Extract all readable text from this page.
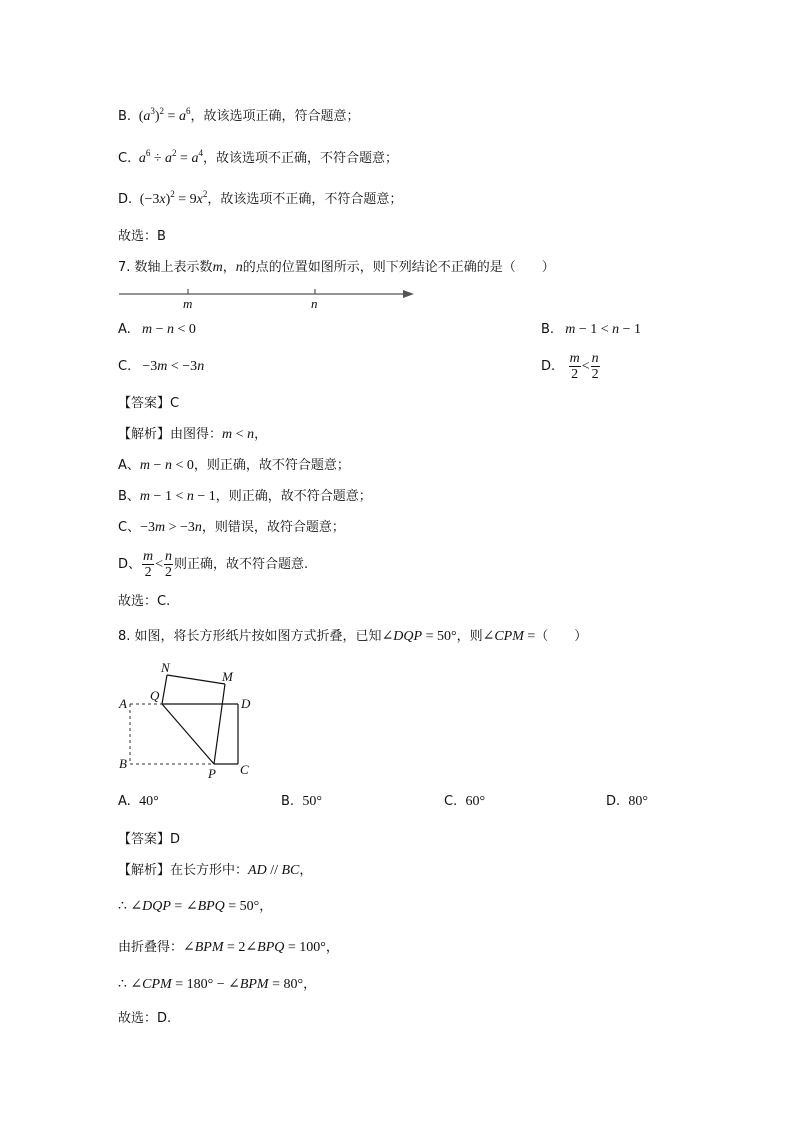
B.  $(a^3)^2 = a^6$，故该选项正确，符合题意；
C. $a^6 \div a^2 = a^4$，故该选项不正确，不符合题意；
D.  $(-3x)^2 = 9x^2$，故该选项不正确，不符合题意；
故选：B
7. 数轴上表示数m，n的点的位置如图所示，则下列结论不正确的是（　　）
m	n
A. m − n < 0	B. m − 1 < n − 1
C.   −3m < −3n	D. $\frac{m}{2} < \frac{n}{2}$
【答案】C
【解析】由图得：m < n，
A、m − n < 0，则正确，故不符合题意；
B、m − 1 < n − 1，则正确，故不符合题意；
C、−3m > −3n，则错误，故符合题意；
D、 $\frac{m}{2} < \frac{n}{2}$ 则正确，故不符合题意.
故选：C.
8. 如图，将长方形纸片按如图方式折叠，已知∠DQP = 50°，则∠CPM =（　　）
N
M
Q
A	D
B
P C
A. 40°	B. 50°	C. 60°	D. 80°
【答案】D
【解析】在长方形中：AD // BC，
∴ ∠DQP = ∠BPQ = 50°，
由折叠得：∠BPM = 2∠BPQ = 100°，
∴ ∠CPM = 180° − ∠BPM = 80°，
故选：D.
